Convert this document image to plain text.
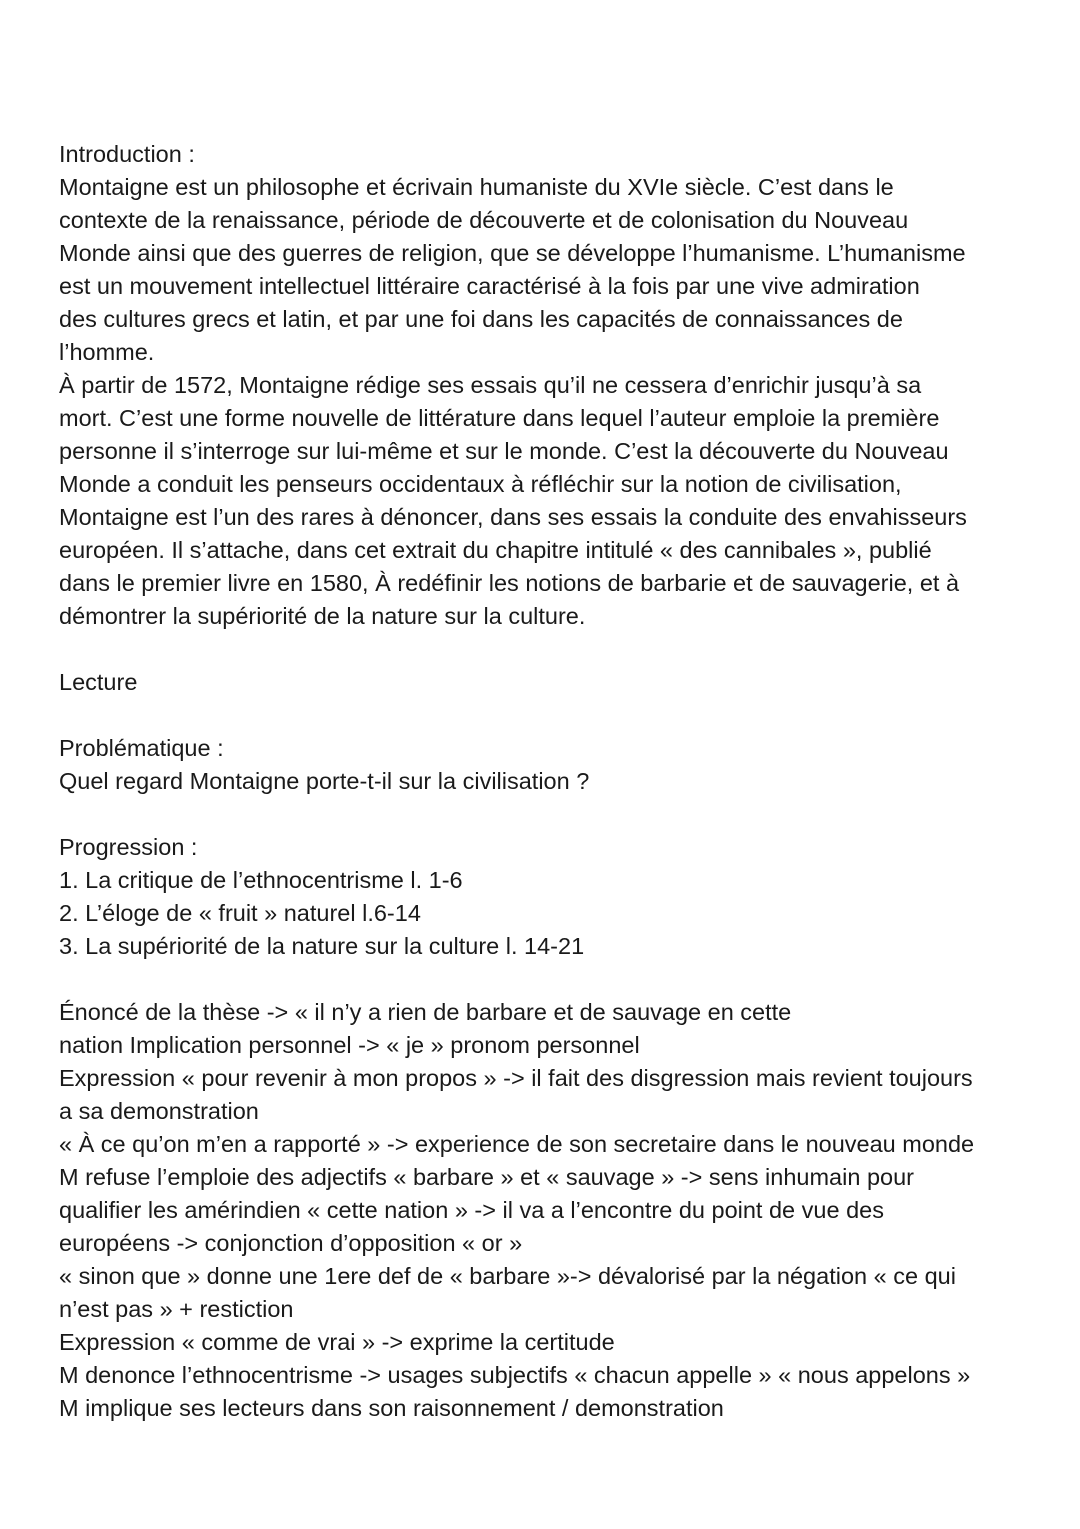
Introduction :
Montaigne est un philosophe et écrivain humaniste du XVIe siècle. C’est dans le
contexte de la renaissance, période de découverte et de colonisation du Nouveau
Monde ainsi que des guerres de religion, que se développe l’humanisme. L’humanisme
est un mouvement intellectuel littéraire caractérisé à la fois par une vive admiration
des cultures grecs et latin, et par une foi dans les capacités de connaissances de
l’homme.
À partir de 1572, Montaigne rédige ses essais qu’il ne cessera d’enrichir jusqu’à sa
mort. C’est une forme nouvelle de littérature dans lequel l’auteur emploie la première
personne il s’interroge sur lui-même et sur le monde. C’est la découverte du Nouveau
Monde a conduit les penseurs occidentaux à réfléchir sur la notion de civilisation,
Montaigne est l’un des rares à dénoncer, dans ses essais la conduite des envahisseurs
européen. Il s’attache, dans cet extrait du chapitre intitulé « des cannibales », publié
dans le premier livre en 1580, À redéfinir les notions de barbarie et de sauvagerie, et à
démontrer la supériorité de la nature sur la culture.
Lecture
Problématique :
Quel regard Montaigne porte-t-il sur la civilisation ?
Progression :
1. La critique de l’ethnocentrisme l. 1-6
2. L’éloge de « fruit » naturel l.6-14
3. La supériorité de la nature sur la culture l. 14-21
Énoncé de la thèse -> « il n’y a rien de barbare et de sauvage en cette
nation Implication personnel -> « je » pronom personnel
Expression « pour revenir à mon propos » -> il fait des disgression mais revient toujours
a sa demonstration
« À ce qu’on m’en a rapporté » -> experience de son secretaire dans le nouveau monde
M refuse l’emploie des adjectifs « barbare » et « sauvage » -> sens inhumain pour
qualifier les amérindien « cette nation » -> il va a l’encontre du point de vue des
européens -> conjonction d’opposition « or »
« sinon que » donne une 1ere def de « barbare »-> dévalorisé par la négation « ce qui
n’est pas » + restiction
Expression « comme de vrai » -> exprime la certitude
M denonce l’ethnocentrisme -> usages subjectifs « chacun appelle » « nous appelons »
M implique ses lecteurs dans son raisonnement / demonstration
